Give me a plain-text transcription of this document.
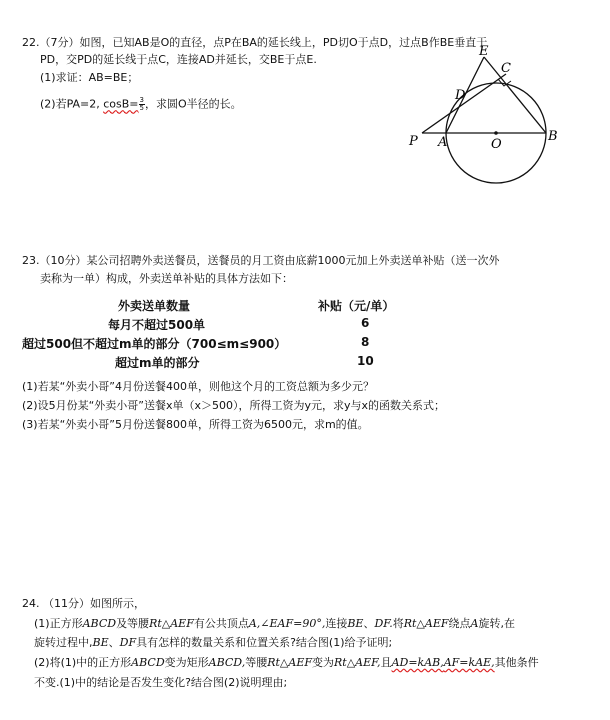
22.（7分）如图，已知AB是O的直径，点P在BA的延长线上，PD切O于点D，过点B作BE垂直于
PD，交PD的延长线于点C，连接AD并延长，交BE于点E.
(1)求证：AB=BE；
(2)若PA=2, $\cos B= \frac{3}{5}$ ，求圆O半径的长。
E
C
D
P A	O
B
23.（10分）某公司招聘外卖送餐员，送餐员的月工资由底薪1000元加上外卖送单补贴（送一次外
卖称为一单）构成，外卖送单补贴的具体方法如下：
外卖送单数量	补贴（元/单）
每月不超过500单	6
超过500但不超过m单的部分（700≤m≤900）	8
超过m单的部分	10
(1)若某“外卖小哥”4月份送餐400单，则他这个月的工资总额为多少元？
(2)设5月份某“外卖小哥”送餐x单（x＞500），所得工资为y元，求y与x的函数关系式；
(3)若某“外卖小哥”5月份送餐800单，所得工资为6500元，求m的值。
24. （11分）如图所示，
(1)正方形ABCD及等腰Rt△AEF有公共顶点A,∠EAF=90°,连接BE、DF.将Rt△AEF绕点A旋转,在
旋转过程中,BE、DF具有怎样的数量关系和位置关系?结合图(1)给予证明;
(2)将(1)中的正方形ABCD变为矩形ABCD,等腰Rt△AEF变为Rt△AEF,且AD=kAB,AF=kAE,其他条件
不变.(1)中的结论是否发生变化?结合图(2)说明理由;
